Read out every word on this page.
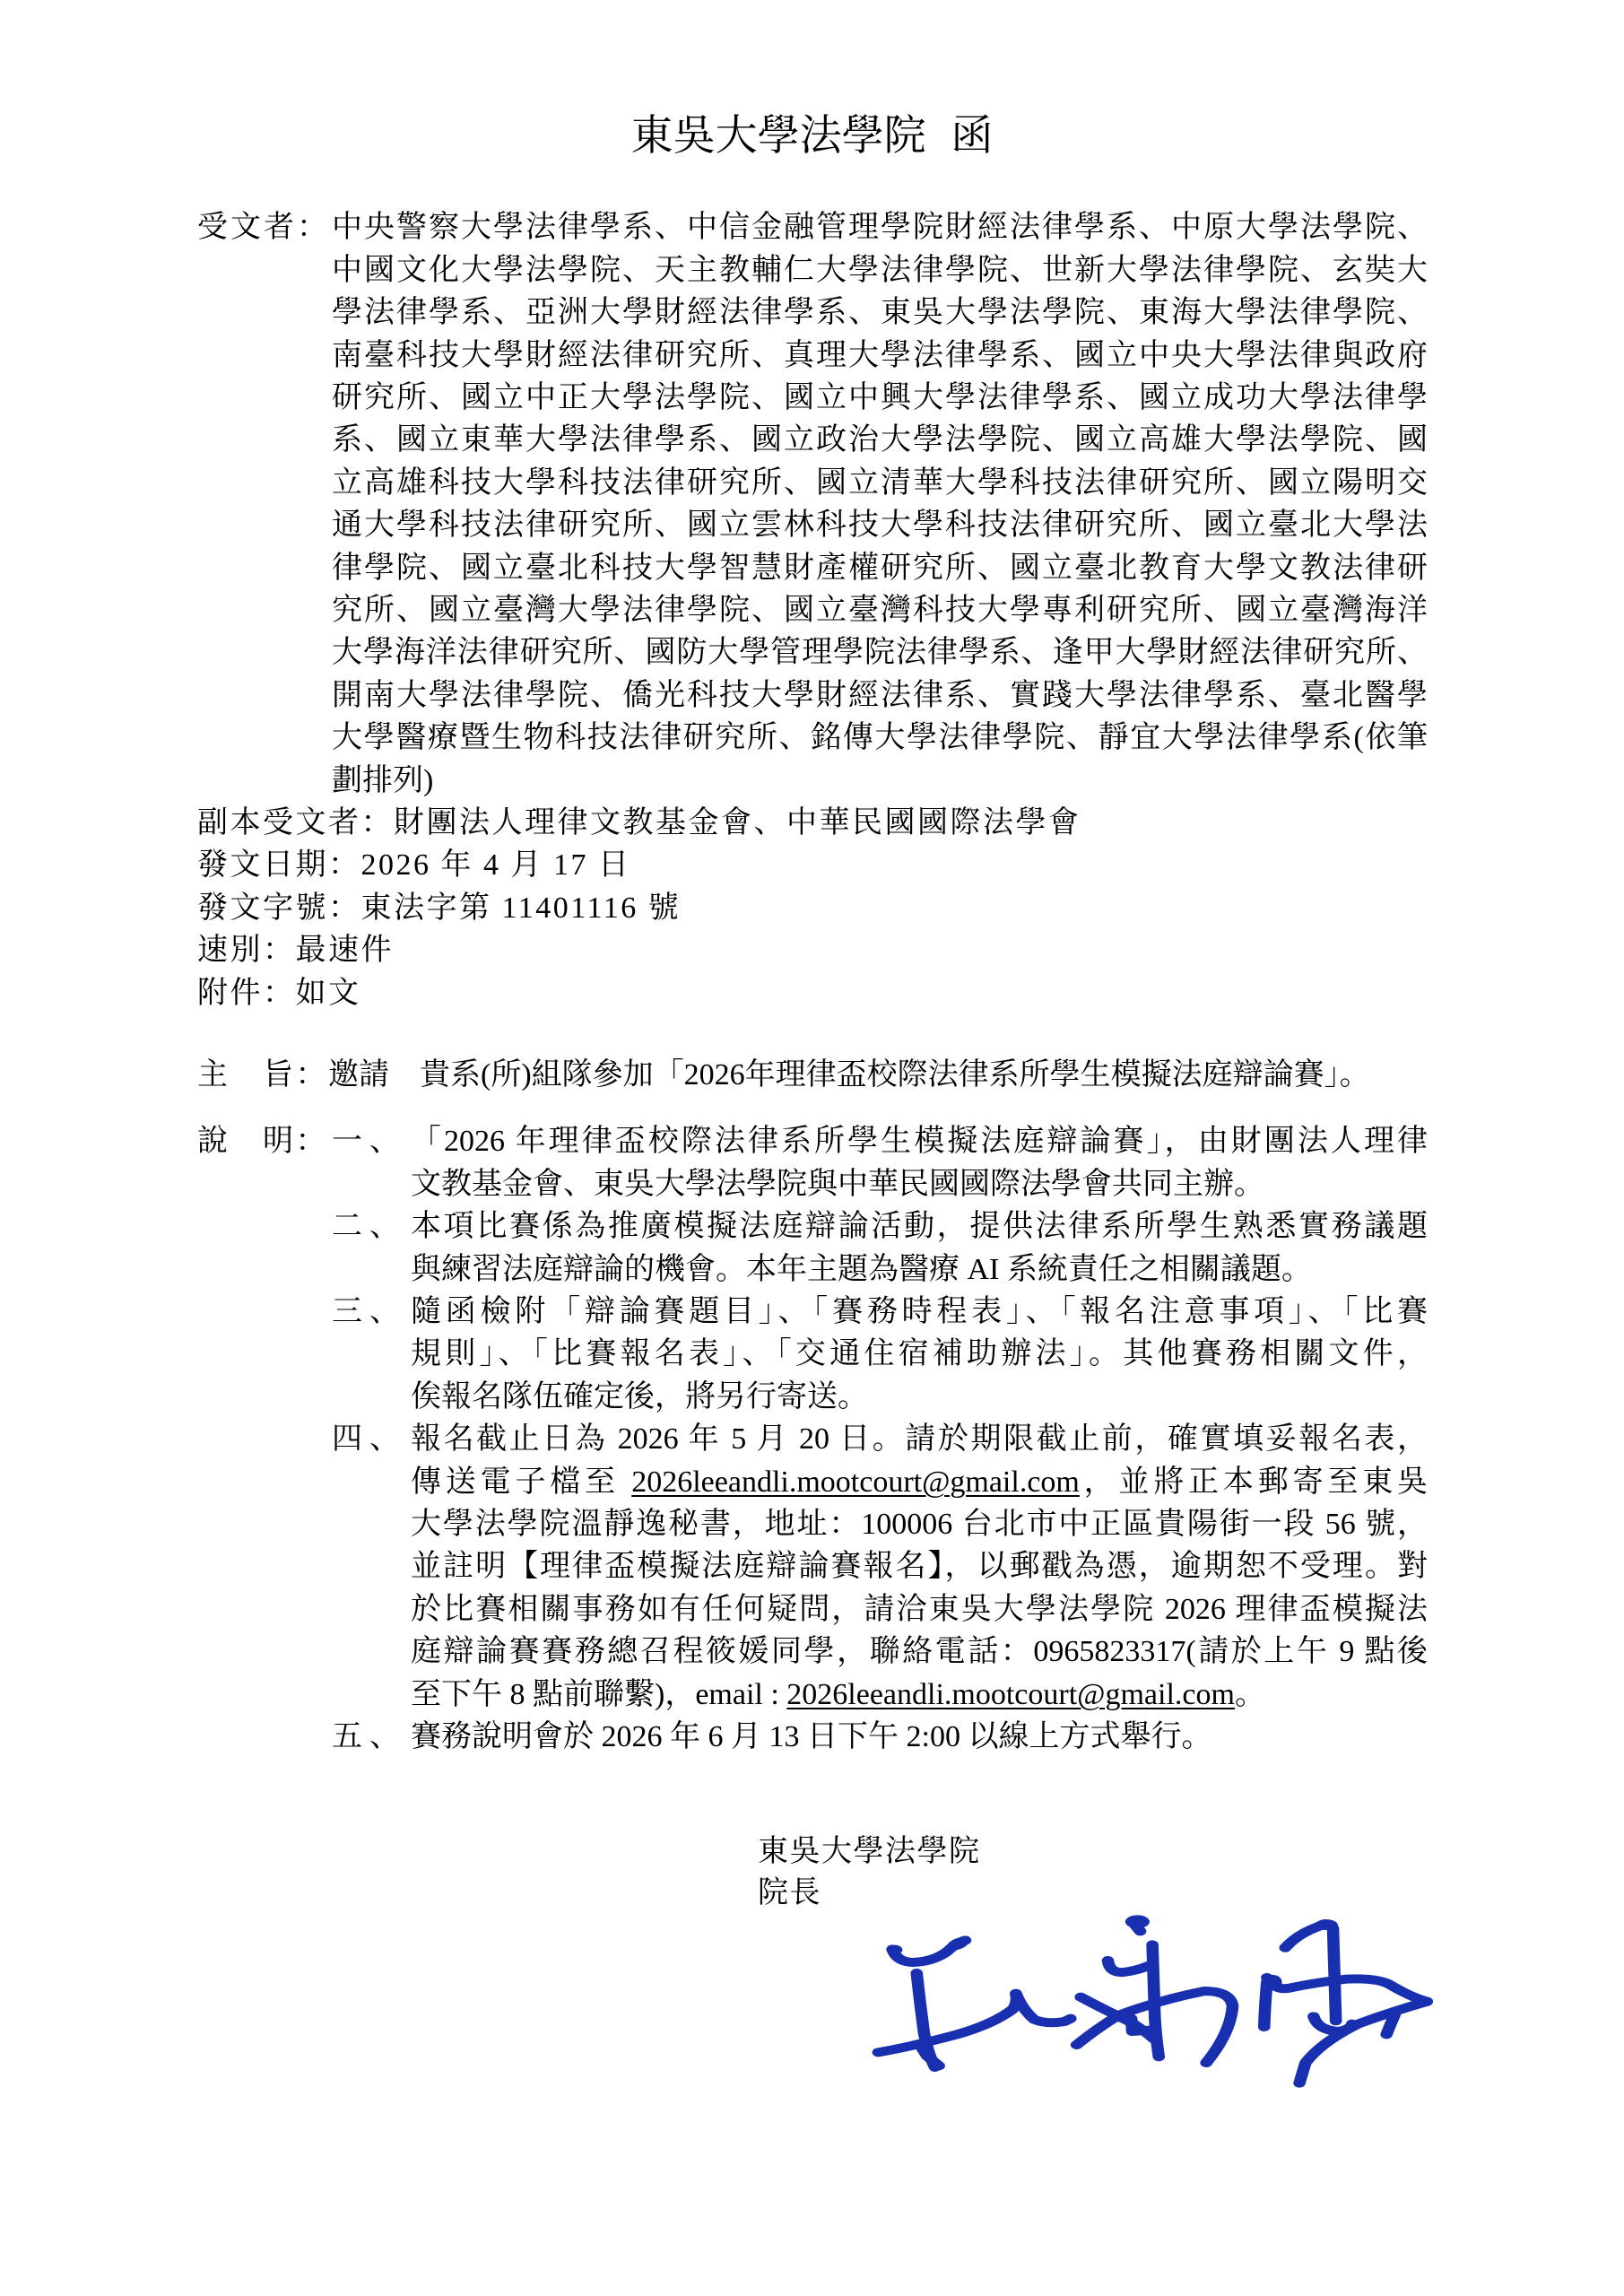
東吳大學法學院 函
受文者： 中央警察大學法律學系、中信金融管理學院財經法律學系、中原大學法學院、
中國文化大學法學院、天主教輔仁大學法律學院、世新大學法律學院、玄奘大
學法律學系、亞洲大學財經法律學系、東吳大學法學院、東海大學法律學院、
南臺科技大學財經法律研究所、真理大學法律學系、國立中央大學法律與政府
研究所、國立中正大學法學院、國立中興大學法律學系、國立成功大學法律學
系、國立東華大學法律學系、國立政治大學法學院、國立高雄大學法學院、國
立高雄科技大學科技法律研究所、國立清華大學科技法律研究所、國立陽明交
通大學科技法律研究所、國立雲林科技大學科技法律研究所、國立臺北大學法
律學院、國立臺北科技大學智慧財產權研究所、國立臺北教育大學文教法律研
究所、國立臺灣大學法律學院、國立臺灣科技大學專利研究所、國立臺灣海洋
大學海洋法律研究所、國防大學管理學院法律學系、逢甲大學財經法律研究所、
開南大學法律學院、僑光科技大學財經法律系、實踐大學法律學系、臺北醫學
大學醫療暨生物科技法律研究所、銘傳大學法律學院、靜宜大學法律學系(依筆
劃排列)
副本受文者：財團法人理律文教基金會、中華民國國際法學會
發文日期：2026 年 4 月 17 日
發文字號：東法字第 11401116 號
速別：最速件
附件：如文
主　旨： 邀請　貴系(所)組隊參加「2026年理律盃校際法律系所學生模擬法庭辯論賽」。
說　明： 一、 「2026 年理律盃校際法律系所學生模擬法庭辯論賽」，由財團法人理律
文教基金會、東吳大學法學院與中華民國國際法學會共同主辦。
二、 本項比賽係為推廣模擬法庭辯論活動，提供法律系所學生熟悉實務議題
與練習法庭辯論的機會。本年主題為醫療 AI 系統責任之相關議題。
三、 隨函檢附「辯論賽題目」、「賽務時程表」、「報名注意事項」、「比賽
規則」、「比賽報名表」、「交通住宿補助辦法」。其他賽務相關文件，
俟報名隊伍確定後，將另行寄送。
四、 報名截止日為 2026 年 5 月 20 日。請於期限截止前，確實填妥報名表，
傳送電子檔至 2026leeandli.mootcourt@gmail.com，並將正本郵寄至東吳
大學法學院溫靜逸秘書，地址：100006 台北市中正區貴陽街一段 56 號，
並註明【理律盃模擬法庭辯論賽報名】，以郵戳為憑，逾期恕不受理。對
於比賽相關事務如有任何疑問，請洽東吳大學法學院 2026 理律盃模擬法
庭辯論賽賽務總召程筱媛同學，聯絡電話：0965823317(請於上午 9 點後
至下午 8 點前聯繫)，email : 2026leeandli.mootcourt@gmail.com。
五、 賽務說明會於 2026 年 6 月 13 日下午 2:00 以線上方式舉行。
東吳大學法學院
院長
